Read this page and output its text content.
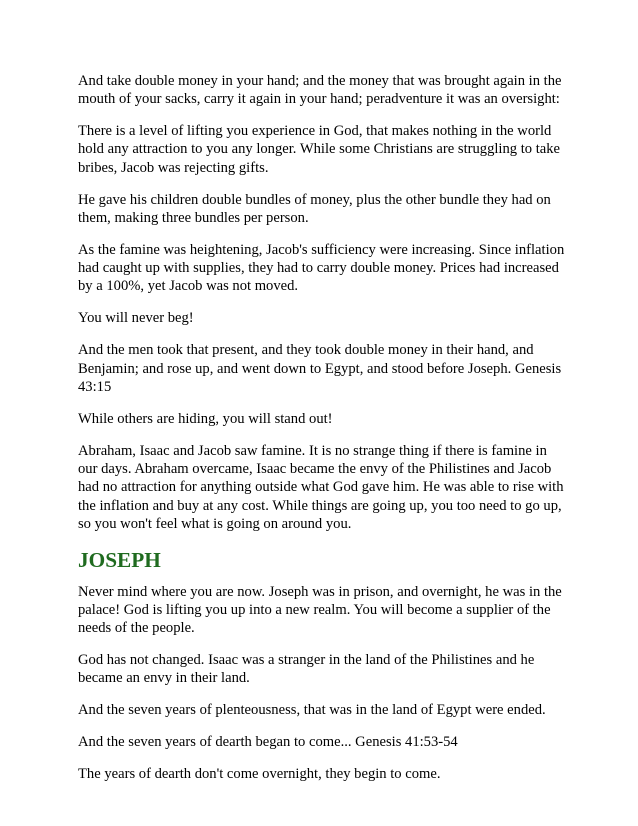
And take double money in your hand; and the money that was brought again in the mouth of your sacks, carry it again in your hand; peradventure it was an oversight:

There is a level of lifting you experience in God, that makes nothing in the world hold any attraction to you any longer. While some Christians are struggling to take bribes, Jacob was rejecting gifts.

He gave his children double bundles of money, plus the other bundle they had on them, making three bundles per person.

As the famine was heightening, Jacob's sufficiency were increasing. Since inflation had caught up with supplies, they had to carry double money. Prices had increased by a 100%, yet Jacob was not moved.

You will never beg!

And the men took that present, and they took double money in their hand, and Benjamin; and rose up, and went down to Egypt, and stood before Joseph. Genesis 43:15

While others are hiding, you will stand out!

Abraham, Isaac and Jacob saw famine. It is no strange thing if there is famine in our days. Abraham overcame, Isaac became the envy of the Philistines and Jacob had no attraction for anything outside what God gave him. He was able to rise with the inflation and buy at any cost. While things are going up, you too need to go up, so you won't feel what is going on around you.

JOSEPH

Never mind where you are now. Joseph was in prison, and overnight, he was in the palace! God is lifting you up into a new realm. You will become a supplier of the needs of the people.

God has not changed. Isaac was a stranger in the land of the Philistines and he became an envy in their land.

And the seven years of plenteousness, that was in the land of Egypt were ended.

And the seven years of dearth began to come... Genesis 41:53-54

The years of dearth don't come overnight, they begin to come.
